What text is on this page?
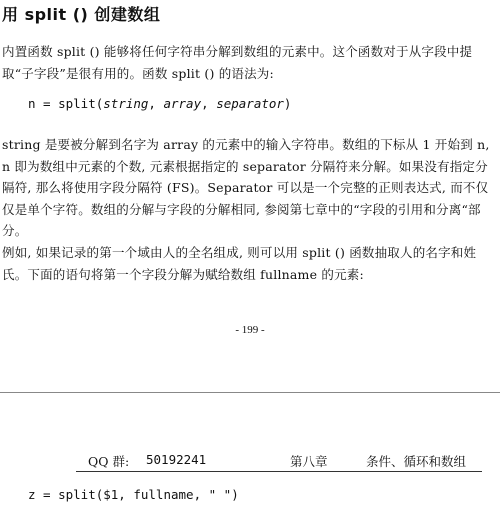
用 split () 创建数组

内置函数 split () 能够将任何字符串分解到数组的元素中。这个函数对于从字段中提取“子字段”是很有用的。函数 split () 的语法为:

n = split(string, array, separator)

string 是要被分解到名字为 array 的元素中的输入字符串。数组的下标从 1 开始到 n, n 即为数组中元素的个数, 元素根据指定的 separator 分隔符来分解。如果没有指定分隔符, 那么将使用字段分隔符 (FS)。Separator 可以是一个完整的正则表达式, 而不仅仅是单个字符。数组的分解与字段的分解相同, 参阅第七章中的“字段的引用和分离“部分。

例如, 如果记录的第一个域由人的全名组成, 则可以用 split () 函数抽取人的名字和姓氏。下面的语句将第一个字段分解为赋给数组 fullname 的元素:

- 199 -
QQ 群: 50192241	第八章	条件、循环和数组
z = split($1, fullname, " ")
